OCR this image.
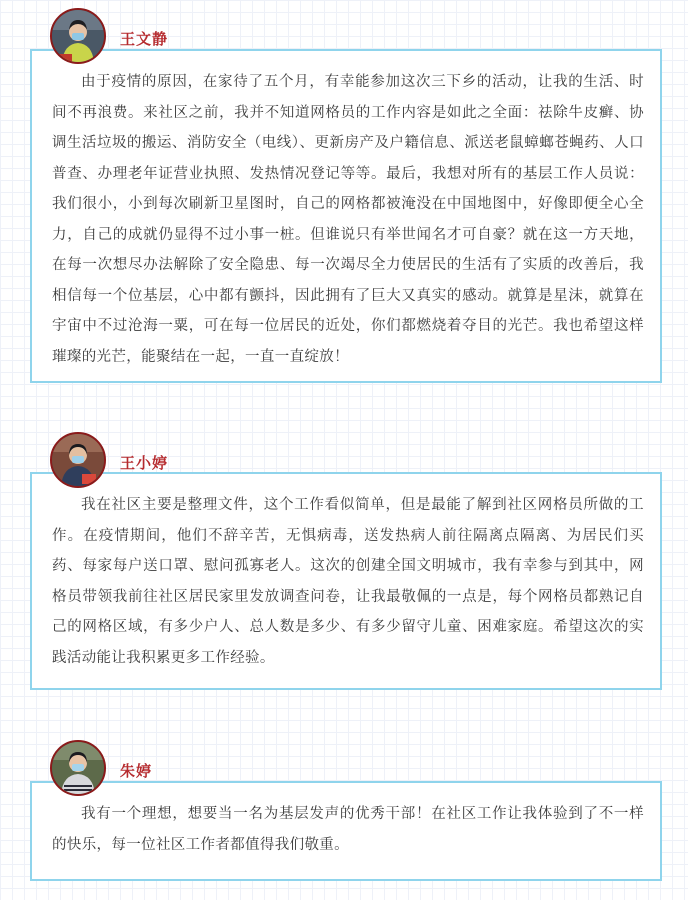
王文静

由于疫情的原因，在家待了五个月，有幸能参加这次三下乡的活动，让我的生活、时间不再浪费。来社区之前，我并不知道网格员的工作内容是如此之全面：祛除牛皮癣、协调生活垃圾的搬运、消防安全（电线）、更新房产及户籍信息、派送老鼠蟑螂苍蝇药、人口普查、办理老年证营业执照、发热情况登记等等。最后，我想对所有的基层工作人员说：我们很小，小到每次刷新卫星图时，自己的网格都被淹没在中国地图中，好像即便全心全力，自己的成就仍显得不过小事一桩。但谁说只有举世闻名才可自豪？就在这一方天地，在每一次想尽办法解除了安全隐患、每一次竭尽全力使居民的生活有了实质的改善后，我相信每一个位基层，心中都有颤抖，因此拥有了巨大又真实的感动。就算是星沫，就算在宇宙中不过沧海一粟，可在每一位居民的近处，你们都燃烧着夺目的光芒。我也希望这样璀璨的光芒，能聚结在一起，一直一直绽放！

王小婷

我在社区主要是整理文件，这个工作看似简单，但是最能了解到社区网格员所做的工作。在疫情期间，他们不辞辛苦，无惧病毒，送发热病人前往隔离点隔离、为居民们买药、每家每户送口罩、慰问孤寡老人。这次的创建全国文明城市，我有幸参与到其中，网格员带领我前往社区居民家里发放调查问卷，让我最敬佩的一点是，每个网格员都熟记自己的网格区域，有多少户人、总人数是多少、有多少留守儿童、困难家庭。希望这次的实践活动能让我积累更多工作经验。

朱婷

我有一个理想，想要当一名为基层发声的优秀干部！在社区工作让我体验到了不一样的快乐，每一位社区工作者都值得我们敬重。
